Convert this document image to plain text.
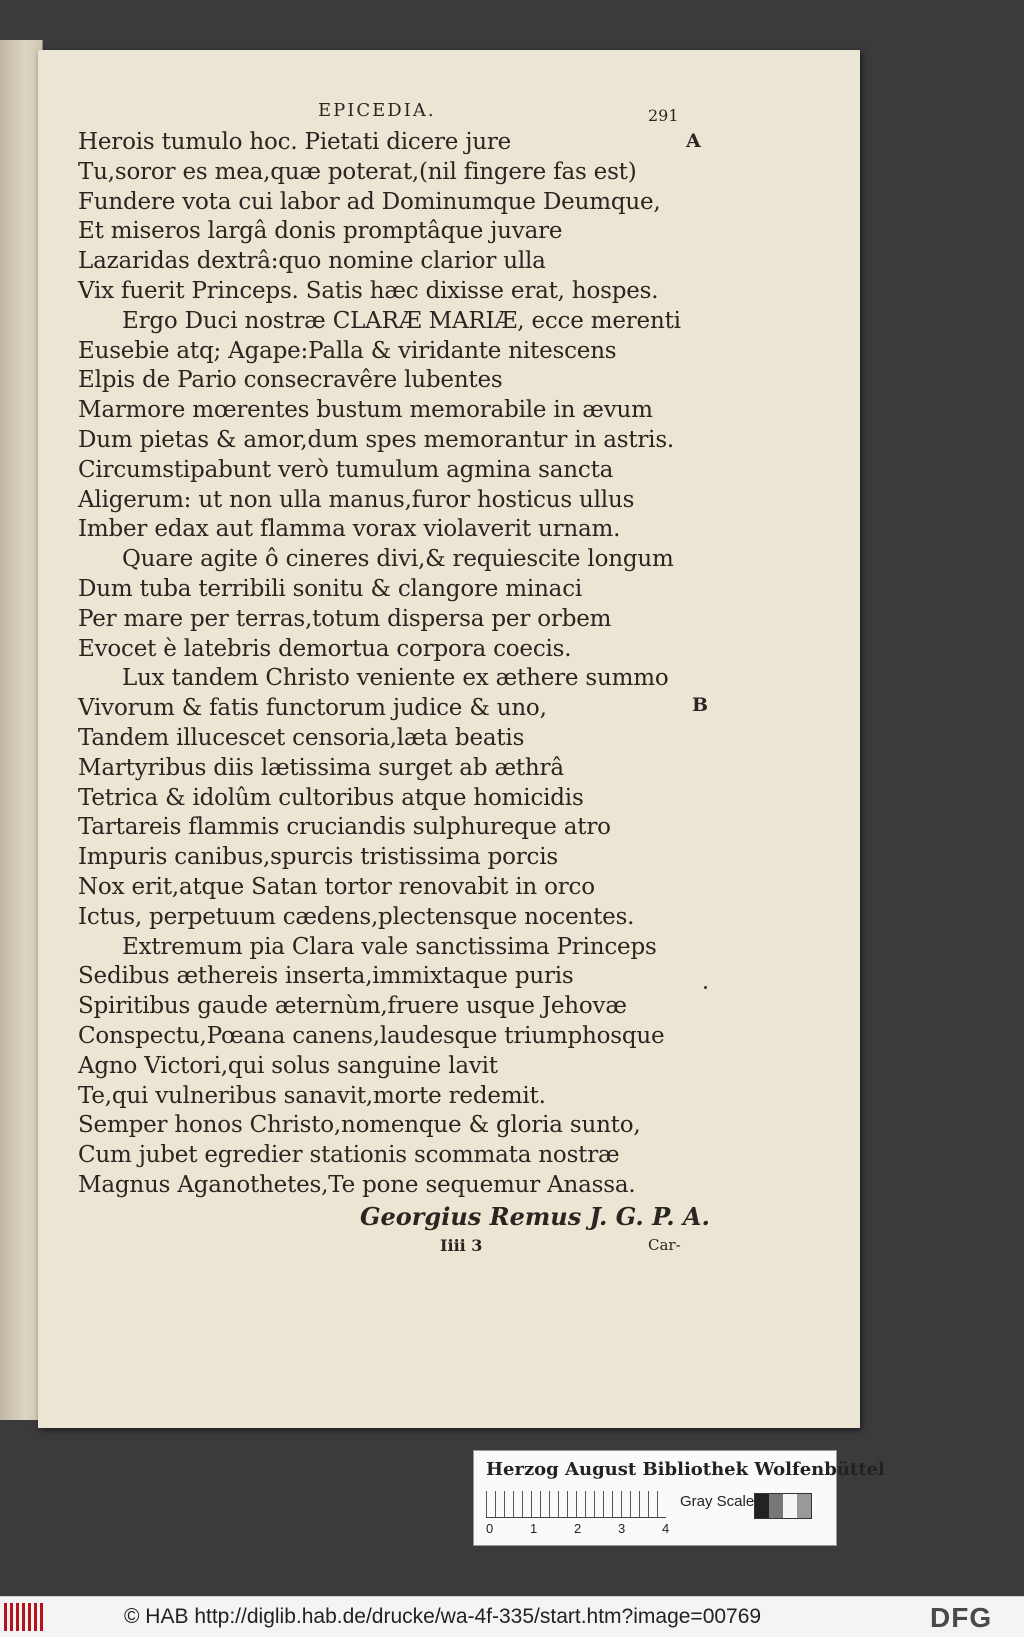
EPICEDIA.	291
A
B
Herois tumulo hoc. Pietati dicere jure
Tu,soror es mea,quæ poterat,(nil fingere fas est)
Fundere vota cui labor ad Dominumque Deumque,
Et miseros largâ donis promptâque juvare
Lazaridas dextrâ:quo nomine clarior ulla
Vix fuerit Princeps. Satis hæc dixisse erat, hospes.
Ergo Duci nostræ CLARÆ MARIÆ, ecce merenti
Eusebie atq; Agape:Palla & viridante nitescens
Elpis de Pario consecravêre lubentes
Marmore mœrentes bustum memorabile in ævum
Dum pietas & amor,dum spes memorantur in astris.
Circumstipabunt verò tumulum agmina sancta
Aligerum: ut non ulla manus,furor hosticus ullus
Imber edax aut flamma vorax violaverit urnam.
Quare agite ô cineres divi,& requiescite longum
Dum tuba terribili sonitu & clangore minaci
Per mare per terras,totum dispersa per orbem
Evocet è latebris demortua corpora coecis.
Lux tandem Christo veniente ex æthere summo
Vivorum & fatis functorum judice & uno,
Tandem illucescet censoria,læta beatis
Martyribus diis lætissima surget ab æthrâ
Tetrica & idolûm cultoribus atque homicidis
Tartareis flammis cruciandis sulphureque atro
Impuris canibus,spurcis tristissima porcis
Nox erit,atque Satan tortor renovabit in orco
Ictus, perpetuum cædens,plectensque nocentes.
Extremum pia Clara vale sanctissima Princeps
Sedibus æthereis inserta,immixtaque puris
Spiritibus gaude æternùm,fruere usque Jehovæ
Conspectu,Pœana canens,laudesque triumphosque
Agno Victori,qui solus sanguine lavit
Te,qui vulneribus sanavit,morte redemit.
Semper honos Christo,nomenque & gloria sunto,
Cum jubet egredier stationis scommata nostræ
Magnus Aganothetes,Te pone sequemur Anassa.
Georgius Remus J. G. P. A.
Iiii 3	Car-
Herzog August Bibliothek Wolfenbüttel
0	1	2	3	4
Gray Scale
© HAB http://diglib.hab.de/drucke/wa-4f-335/start.htm?image=00769	DFG
